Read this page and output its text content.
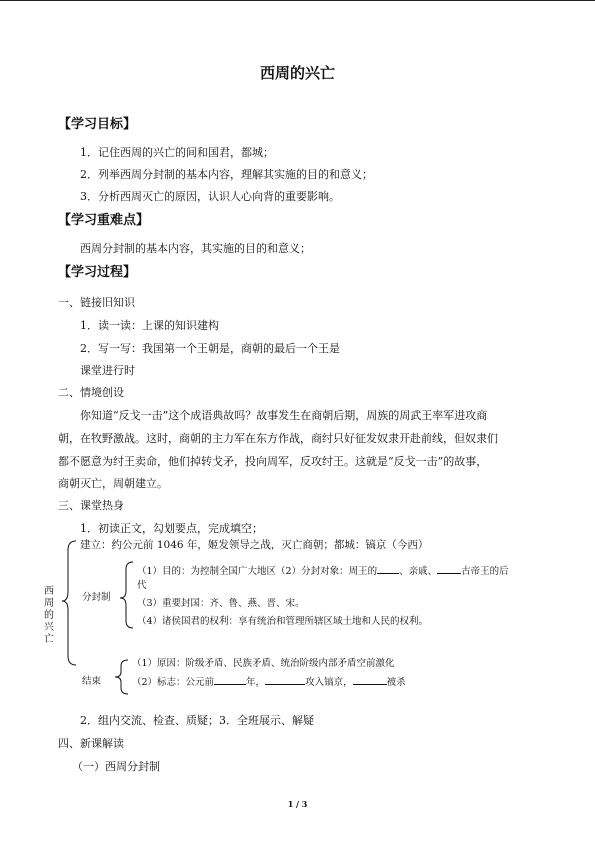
西周的兴亡
【学习目标】
1．记住西周的兴亡的间和国君，都城；
2．列举西周分封制的基本内容，理解其实施的目的和意义；
3．分析西周灭亡的原因，认识人心向背的重要影响。
【学习重难点】
西周分封制的基本内容，其实施的目的和意义；
【学习过程】
一、链接旧知识
1．读一读：上课的知识建构
2．写一写：我国第一个王朝是，商朝的最后一个王是
课堂进行时
二、情境创设
你知道“反戈一击”这个成语典故吗？故事发生在商朝后期，周族的周武王率军进攻商
朝，在牧野激战。这时，商朝的主力军在东方作战，商纣只好征发奴隶开赴前线，但奴隶们
都不愿意为纣王卖命，他们掉转戈矛，投向周军，反攻纣王。这就是“反戈一击”的故事，
商朝灭亡，周朝建立。
三、课堂热身
1．初读正文，勾划要点，完成填空；
西周的兴亡
建立：约公元前 1046 年，姬发领导之战，灭亡商朝；都城：镐京（今西）
分封制
（1）目的：为控制全国广大地区（2）分封对象：周王的 、亲戚、	古帝王的后
代
（3）重要封国：齐、鲁、燕、晋、宋。
（4）诸侯国君的权利：享有统治和管理所辖区域土地和人民的权利。
结束
（1）原因：阶级矛盾、民族矛盾、统治阶级内部矛盾空前激化
（2）标志：公元前	年，	攻入镐京，	被杀
2．组内交流、检查、质疑；3．全班展示、解疑
四、新课解读
（一）西周分封制
1 / 3
